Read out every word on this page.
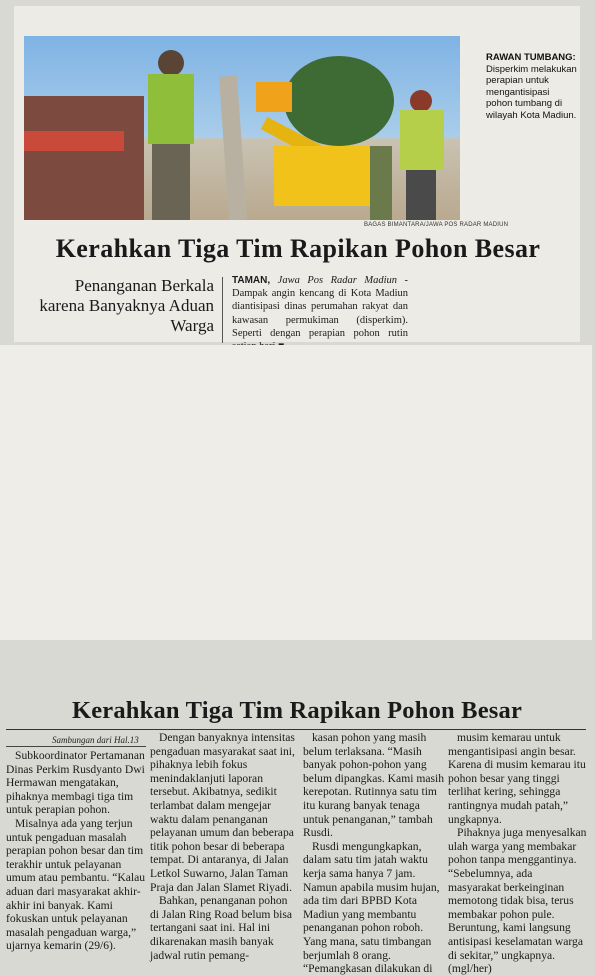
BAGAS BIMANTARA/JAWA POS RADAR MADIUN
RAWAN TUMBANG:
Disperkim melakukan perapian untuk mengantisipasi pohon tumbang di wilayah Kota Madiun.
Kerahkan Tiga Tim Rapikan Pohon Besar
Penanganan Berkala karena Banyaknya Aduan Warga
TAMAN, Jawa Pos Radar Madiun - Dampak angin kencang di Kota Madiun diantisipasi dinas perumahan rakyat dan kawasan permukiman (disperkim). Seperti dengan perapian pohon rutin
Kerahkan Tiga Tim Rapikan Pohon Besar
Sambungan dari Hal.13

Subkoordinator Pertamanan Dinas Perkim Rusdyanto Dwi Hermawan mengatakan, pihaknya membagi tiga tim untuk perapian pohon.

Misalnya ada yang terjun untuk pengaduan masalah perapian pohon besar dan tim terakhir untuk pelayanan umum atau pembantu. “Kalau aduan dari masyarakat akhir-akhir ini banyak. Kami fokuskan untuk pelayanan masalah pengaduan warga,” ujarnya kemarin (29/6).

Dengan banyaknya intensitas pengaduan masyarakat saat ini, pihaknya lebih fokus menindaklanjuti laporan tersebut. Akibatnya, sedikit terlambat dalam mengejar waktu dalam penanganan pelayanan umum dan beberapa titik pohon besar di beberapa tempat. Di antaranya, di Jalan Letkol Suwarno, Jalan Taman Praja dan Jalan Slamet Riyadi.

Bahkan, penanganan pohon di Jalan Ring Road belum bisa tertangani saat ini. Hal ini dikarenakan masih banyak jadwal rutin pemang-

kasan pohon yang masih belum terlaksana. “Masih banyak pohon-pohon yang belum dipangkas. Kami masih kerepotan. Rutinnya satu tim itu kurang banyak tenaga untuk penanganan,” tambah Rusdi.

Rusdi mengungkapkan, dalam satu tim jatah waktu kerja sama hanya 7 jam. Namun apabila musim hujan, ada tim dari BPBD Kota Madiun yang membantu penanganan pohon roboh. Yang mana, satu timbangan berjumlah 8 orang. “Pemangkasan dilakukan di

musim kemarau untuk mengantisipasi angin besar. Karena di musim kemarau itu pohon besar yang tinggi terlihat kering, sehingga rantingnya mudah patah,” ungkapnya.

Pihaknya juga menyesalkan ulah warga yang membakar pohon tanpa menggantinya. “Sebelumnya, ada masyarakat berkeinginan memotong tidak bisa, terus membakar pohon pule. Beruntung, kami langsung antisipasi keselamatan warga di sekitar,” ungkapnya. (mgl/her)
